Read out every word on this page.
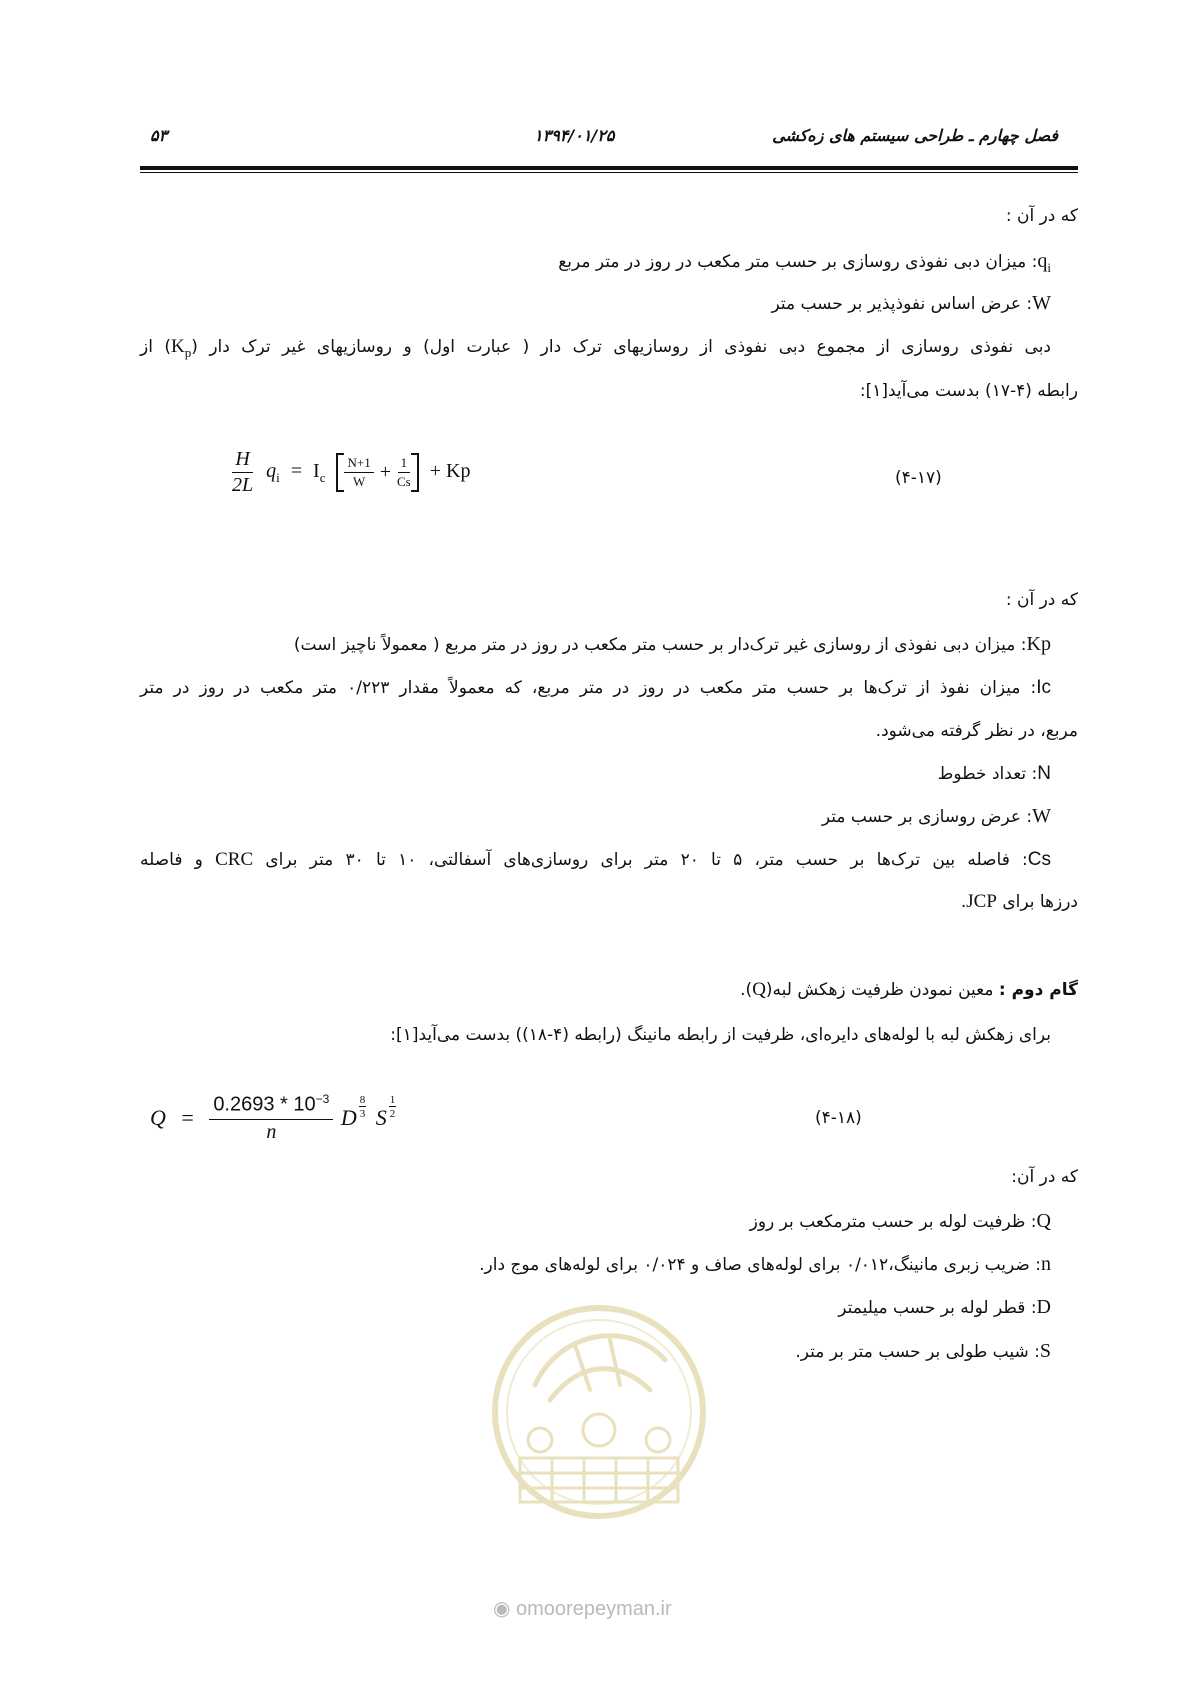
فصل چهارم ـ طراحی سیستم های زه‌کشی
۱۳۹۴/۰۱/۲۵
۵۳
که در آن :
$q_i$: میزان دبی نفوذی روسازی بر حسب متر مکعب در روز در متر مربع
W: عرض اساس نفوذپذیر بر حسب متر
دبی نفوذی روسازی از مجموع دبی نفوذی از روسازیهای ترک دار ( عبارت اول) و روسازیهای غیر ترک دار $(K_p)$ از
رابطه (۴-۱۷) بدست می‌آید[۱]:
$\frac{H}{2L} q_i = I_c \frac{N+1}{W} + \frac{1}{Cs} + Kp$	(۴-۱۷)
که در آن :
Kp: میزان دبی نفوذی از روسازی غیر ترک‌دار بر حسب متر مکعب در روز در متر مربع ( معمولاً ناچیز است)
Ic: میزان نفوذ از ترک‌ها بر حسب متر مکعب در روز در متر مربع، که معمولاً مقدار ۰/۲۲۳ متر مکعب در روز در متر
مربع، در نظر گرفته می‌شود.
N: تعداد خطوط
W: عرض روسازی بر حسب متر
Cs: فاصله بین ترک‌ها بر حسب متر، ۵ تا ۲۰ متر برای روسازی‌های آسفالتی، ۱۰ تا ۳۰ متر برای CRC و فاصله
درزها برای JCP.
گام دوم : معین نمودن ظرفیت زهکش لبه(Q).
برای زهکش لبه با لوله‌های دایره‌ای، ظرفیت از رابطه مانینگ (رابطه (۴-۱۸)) بدست می‌آید[۱]:
$Q = \frac{0.2693 * 10^{-3}}{n}$ D $\frac{8}{3}$ S $\frac{1}{2}$	(۴-۱۸)
که در آن:
Q: ظرفیت لوله بر حسب مترمکعب بر روز
n: ضریب زبری مانینگ،۰/۰۱۲ برای لوله‌های صاف و ۰/۰۲۴ برای لوله‌های موج دار.
D: قطر لوله بر حسب میلیمتر
S: شیب طولی بر حسب متر بر متر.
◉ omoorepeyman.ir
